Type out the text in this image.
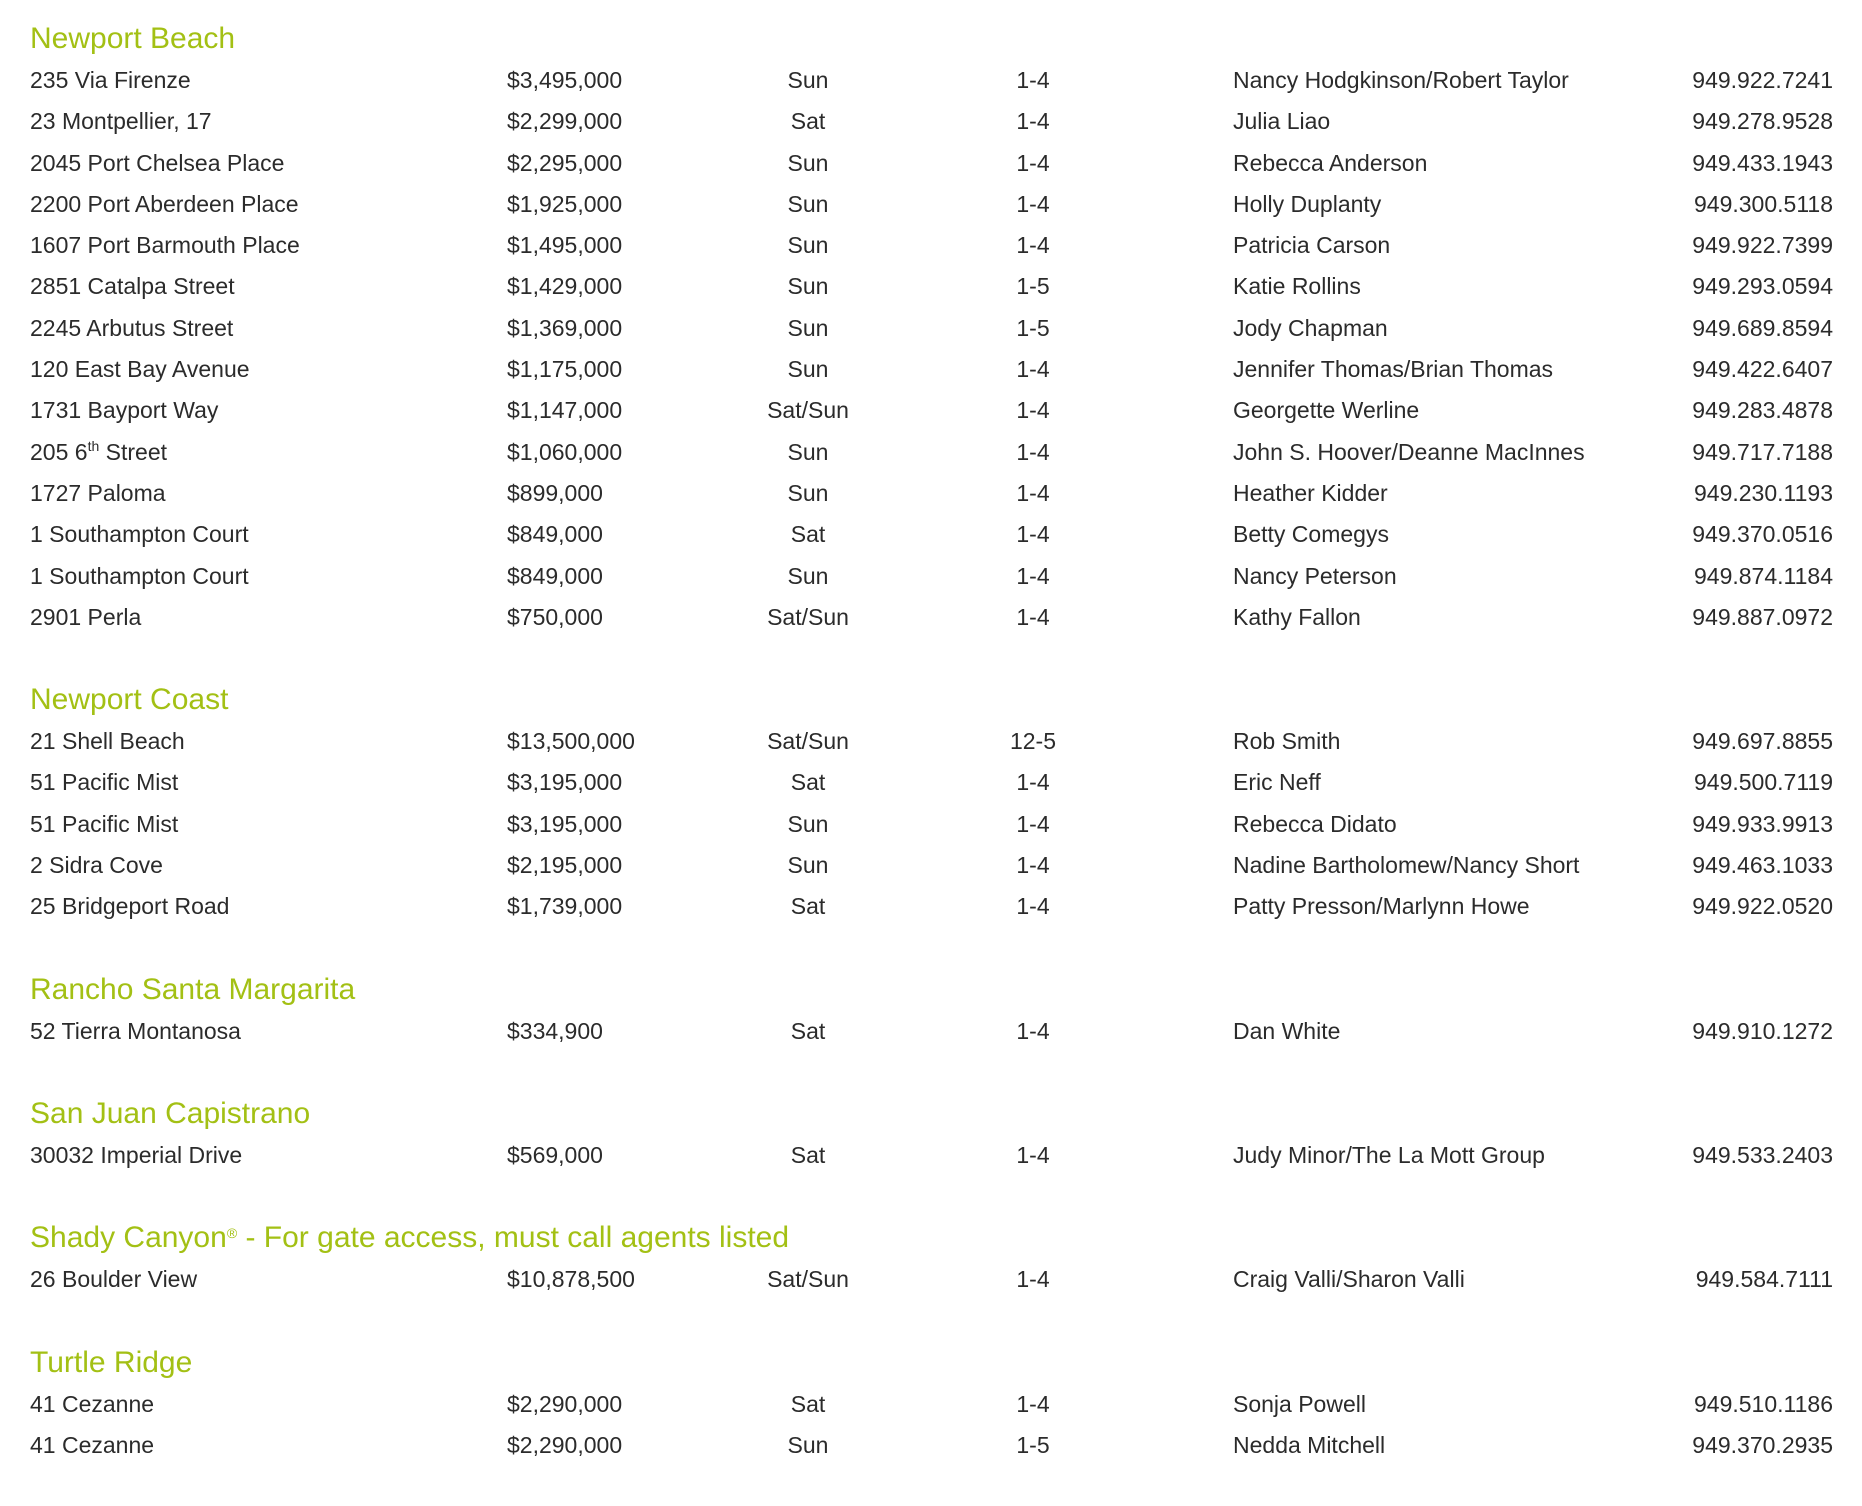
Newport Beach
235 Via Firenze	$3,495,000	Sun	1-4	Nancy Hodgkinson/Robert Taylor	949.922.7241
23 Montpellier, 17	$2,299,000	Sat	1-4	Julia Liao	949.278.9528
2045 Port Chelsea Place	$2,295,000	Sun	1-4	Rebecca Anderson	949.433.1943
2200 Port Aberdeen Place	$1,925,000	Sun	1-4	Holly Duplanty	949.300.5118
1607 Port Barmouth Place	$1,495,000	Sun	1-4	Patricia Carson	949.922.7399
2851 Catalpa Street	$1,429,000	Sun	1-5	Katie Rollins	949.293.0594
2245 Arbutus Street	$1,369,000	Sun	1-5	Jody Chapman	949.689.8594
120 East Bay Avenue	$1,175,000	Sun	1-4	Jennifer Thomas/Brian Thomas	949.422.6407
1731 Bayport Way	$1,147,000	Sat/Sun	1-4	Georgette Werline	949.283.4878
205 6th Street	$1,060,000	Sun	1-4	John S. Hoover/Deanne MacInnes	949.717.7188
1727 Paloma	$899,000	Sun	1-4	Heather Kidder	949.230.1193
1 Southampton Court	$849,000	Sat	1-4	Betty Comegys	949.370.0516
1 Southampton Court	$849,000	Sun	1-4	Nancy Peterson	949.874.1184
2901 Perla	$750,000	Sat/Sun	1-4	Kathy Fallon	949.887.0972
Newport Coast
21 Shell Beach	$13,500,000	Sat/Sun	12-5	Rob Smith	949.697.8855
51 Pacific Mist	$3,195,000	Sat	1-4	Eric Neff	949.500.7119
51 Pacific Mist	$3,195,000	Sun	1-4	Rebecca Didato	949.933.9913
2 Sidra Cove	$2,195,000	Sun	1-4	Nadine Bartholomew/Nancy Short	949.463.1033
25 Bridgeport Road	$1,739,000	Sat	1-4	Patty Presson/Marlynn Howe	949.922.0520
Rancho Santa Margarita
52 Tierra Montanosa	$334,900	Sat	1-4	Dan White	949.910.1272
San Juan Capistrano
30032 Imperial Drive	$569,000	Sat	1-4	Judy Minor/The La Mott Group	949.533.2403
Shady Canyon® - For gate access, must call agents listed
26 Boulder View	$10,878,500	Sat/Sun	1-4	Craig Valli/Sharon Valli	949.584.7111
Turtle Ridge
41 Cezanne	$2,290,000	Sat	1-4	Sonja Powell	949.510.1186
41 Cezanne	$2,290,000	Sun	1-5	Nedda Mitchell	949.370.2935
